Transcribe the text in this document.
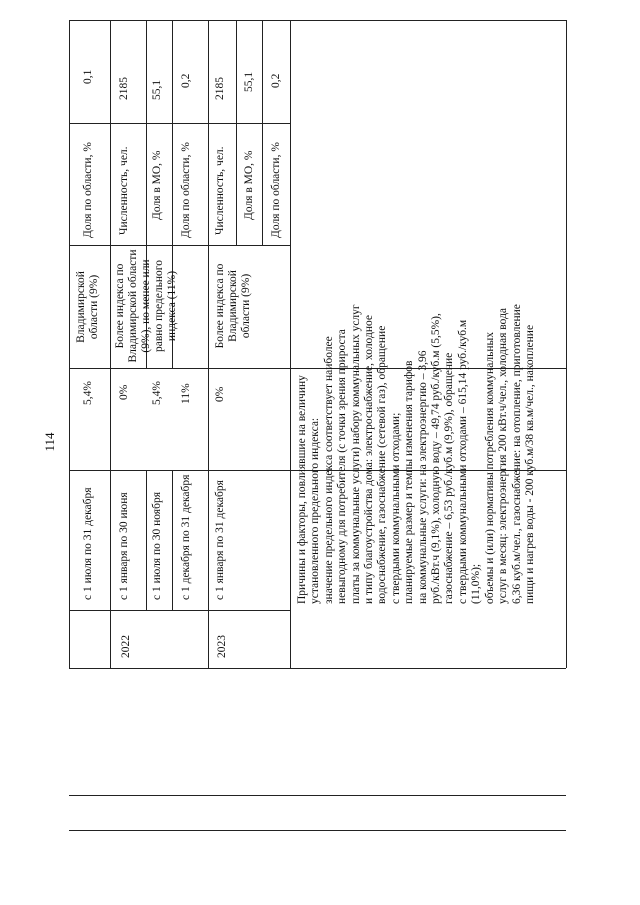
114
0,1
Доля по области, %
Владимирской области (9%)
5,4%
с 1 июля по 31 декабря
2185
Численность, чел.
55,1
Доля в МО, %
0,2
Доля по области, %
Более индекса по Владимирской области (9%), но менее или равно предельного индекса (11%)
0% 5,4% 11%
с 1 января по 30 июня с 1 июля по 30 ноября с 1 декабря по 31 декабря
2022
2185
Численность, чел.
55,1
Доля в МО, %
0,2
Доля по области, %
Более индекса по Владимирской области (9%)
0%
с 1 января по 31 декабря
2023
Причины и факторы, повлиявшие на величину установленного предельного индекса: значение предельного индекса соответствует наиболее невыгодному для потребителя (с точки зрения прироста платы за коммунальные услуги) набору коммунальных услуг и типу благоустройства дома: электроснабжение, холодное водоснабжение, газоснабжение (сетевой газ), обращение с твердыми коммунальными отходами; планируемые размер и темпы изменения тарифов на коммунальные услуги: на электроэнергию – 3,96 руб./кВт.ч (9,1%), холодную воду – 49,74 руб./куб.м (5,5%), газоснабжение – 6,53 руб./куб.м (9,9%), обращение с твердыми коммунальными отходами – 615,14 руб./куб.м (11,0%); объемы и (или) нормативы потребления коммунальных услуг в месяц: электроэнергия 200 кВт.ч/чел., холодная вода 6,36 куб.м/чел., газоснабжение: на отопление, приготовление пищи и нагрев воды - 200 куб.м/38 кв.м/чел., накопление
